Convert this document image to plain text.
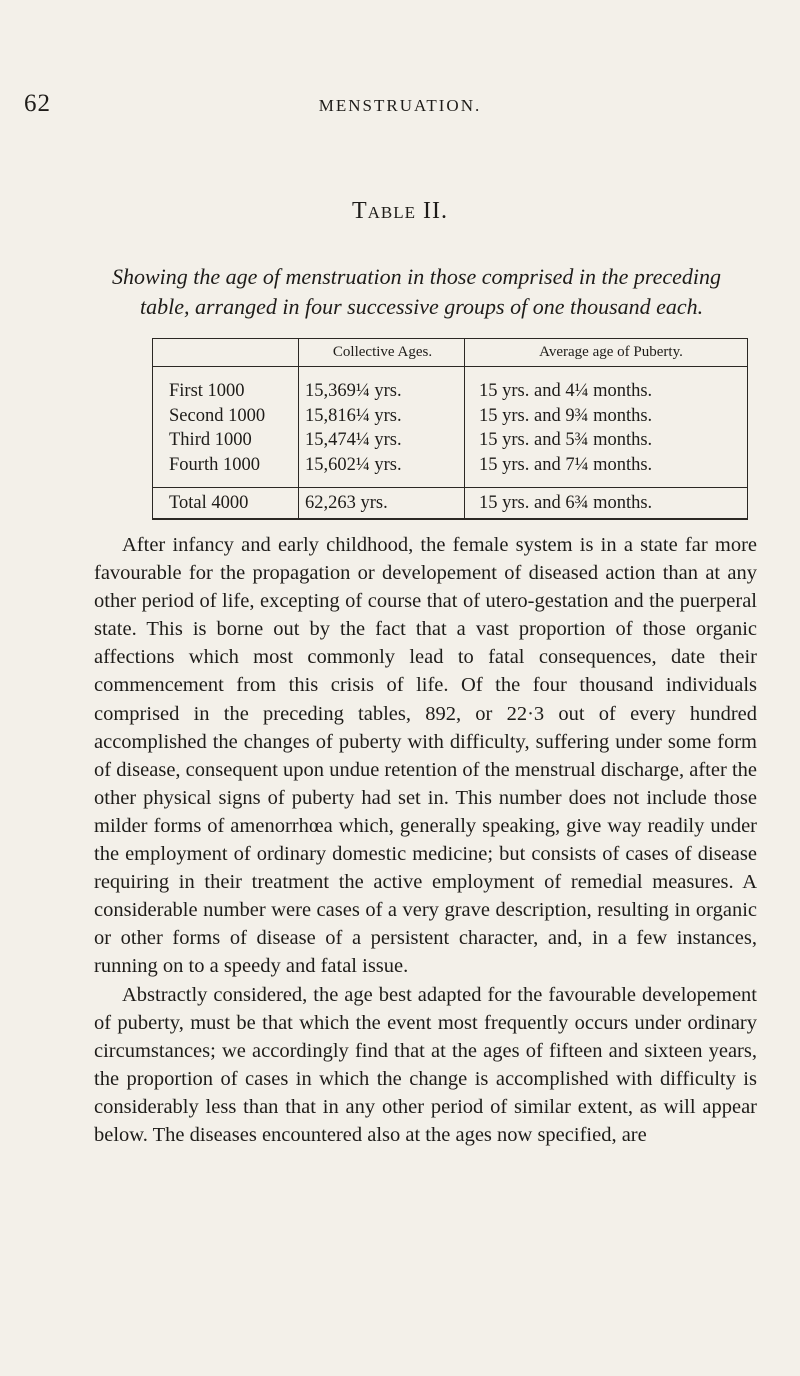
62	MENSTRUATION.
Table II.
Showing the age of menstruation in those comprised in the preceding
table, arranged in four successive groups of one thousand each.
	Collective Ages.	Average age of Puberty.

First 1000	15,369¼ yrs.	15 yrs. and 4¼ months.
Second 1000	15,816¼ yrs.	15 yrs. and 9¾ months.
Third 1000	15,474¼ yrs.	15 yrs. and 5¾ months.
Fourth 1000	15,602¼ yrs.	15 yrs. and 7¼ months.

Total 4000	62,263 yrs.	15 yrs. and 6¾ months.

After infancy and early childhood, the female system is in a state far more favourable for the propagation or developement of diseased action than at any other period of life, excepting of course that of utero-gestation and the puerperal state. This is borne out by the fact that a vast proportion of those organic affections which most commonly lead to fatal consequences, date their commencement from this crisis of life. Of the four thousand individuals comprised in the preceding tables, 892, or 22·3 out of every hundred accomplished the changes of puberty with difficulty, suffering under some form of disease, consequent upon undue retention of the menstrual discharge, after the other physical signs of puberty had set in. This number does not include those milder forms of amenorrhœa which, generally speaking, give way readily under the employment of ordinary domestic medicine; but consists of cases of disease requiring in their treatment the active employment of remedial measures. A considerable number were cases of a very grave description, resulting in organic or other forms of disease of a persistent character, and, in a few instances, running on to a speedy and fatal issue.

Abstractly considered, the age best adapted for the favourable developement of puberty, must be that which the event most frequently occurs under ordinary circumstances; we accordingly find that at the ages of fifteen and sixteen years, the proportion of cases in which the change is accomplished with difficulty is considerably less than that in any other period of similar extent, as will appear below. The diseases encountered also at the ages now specified, are
